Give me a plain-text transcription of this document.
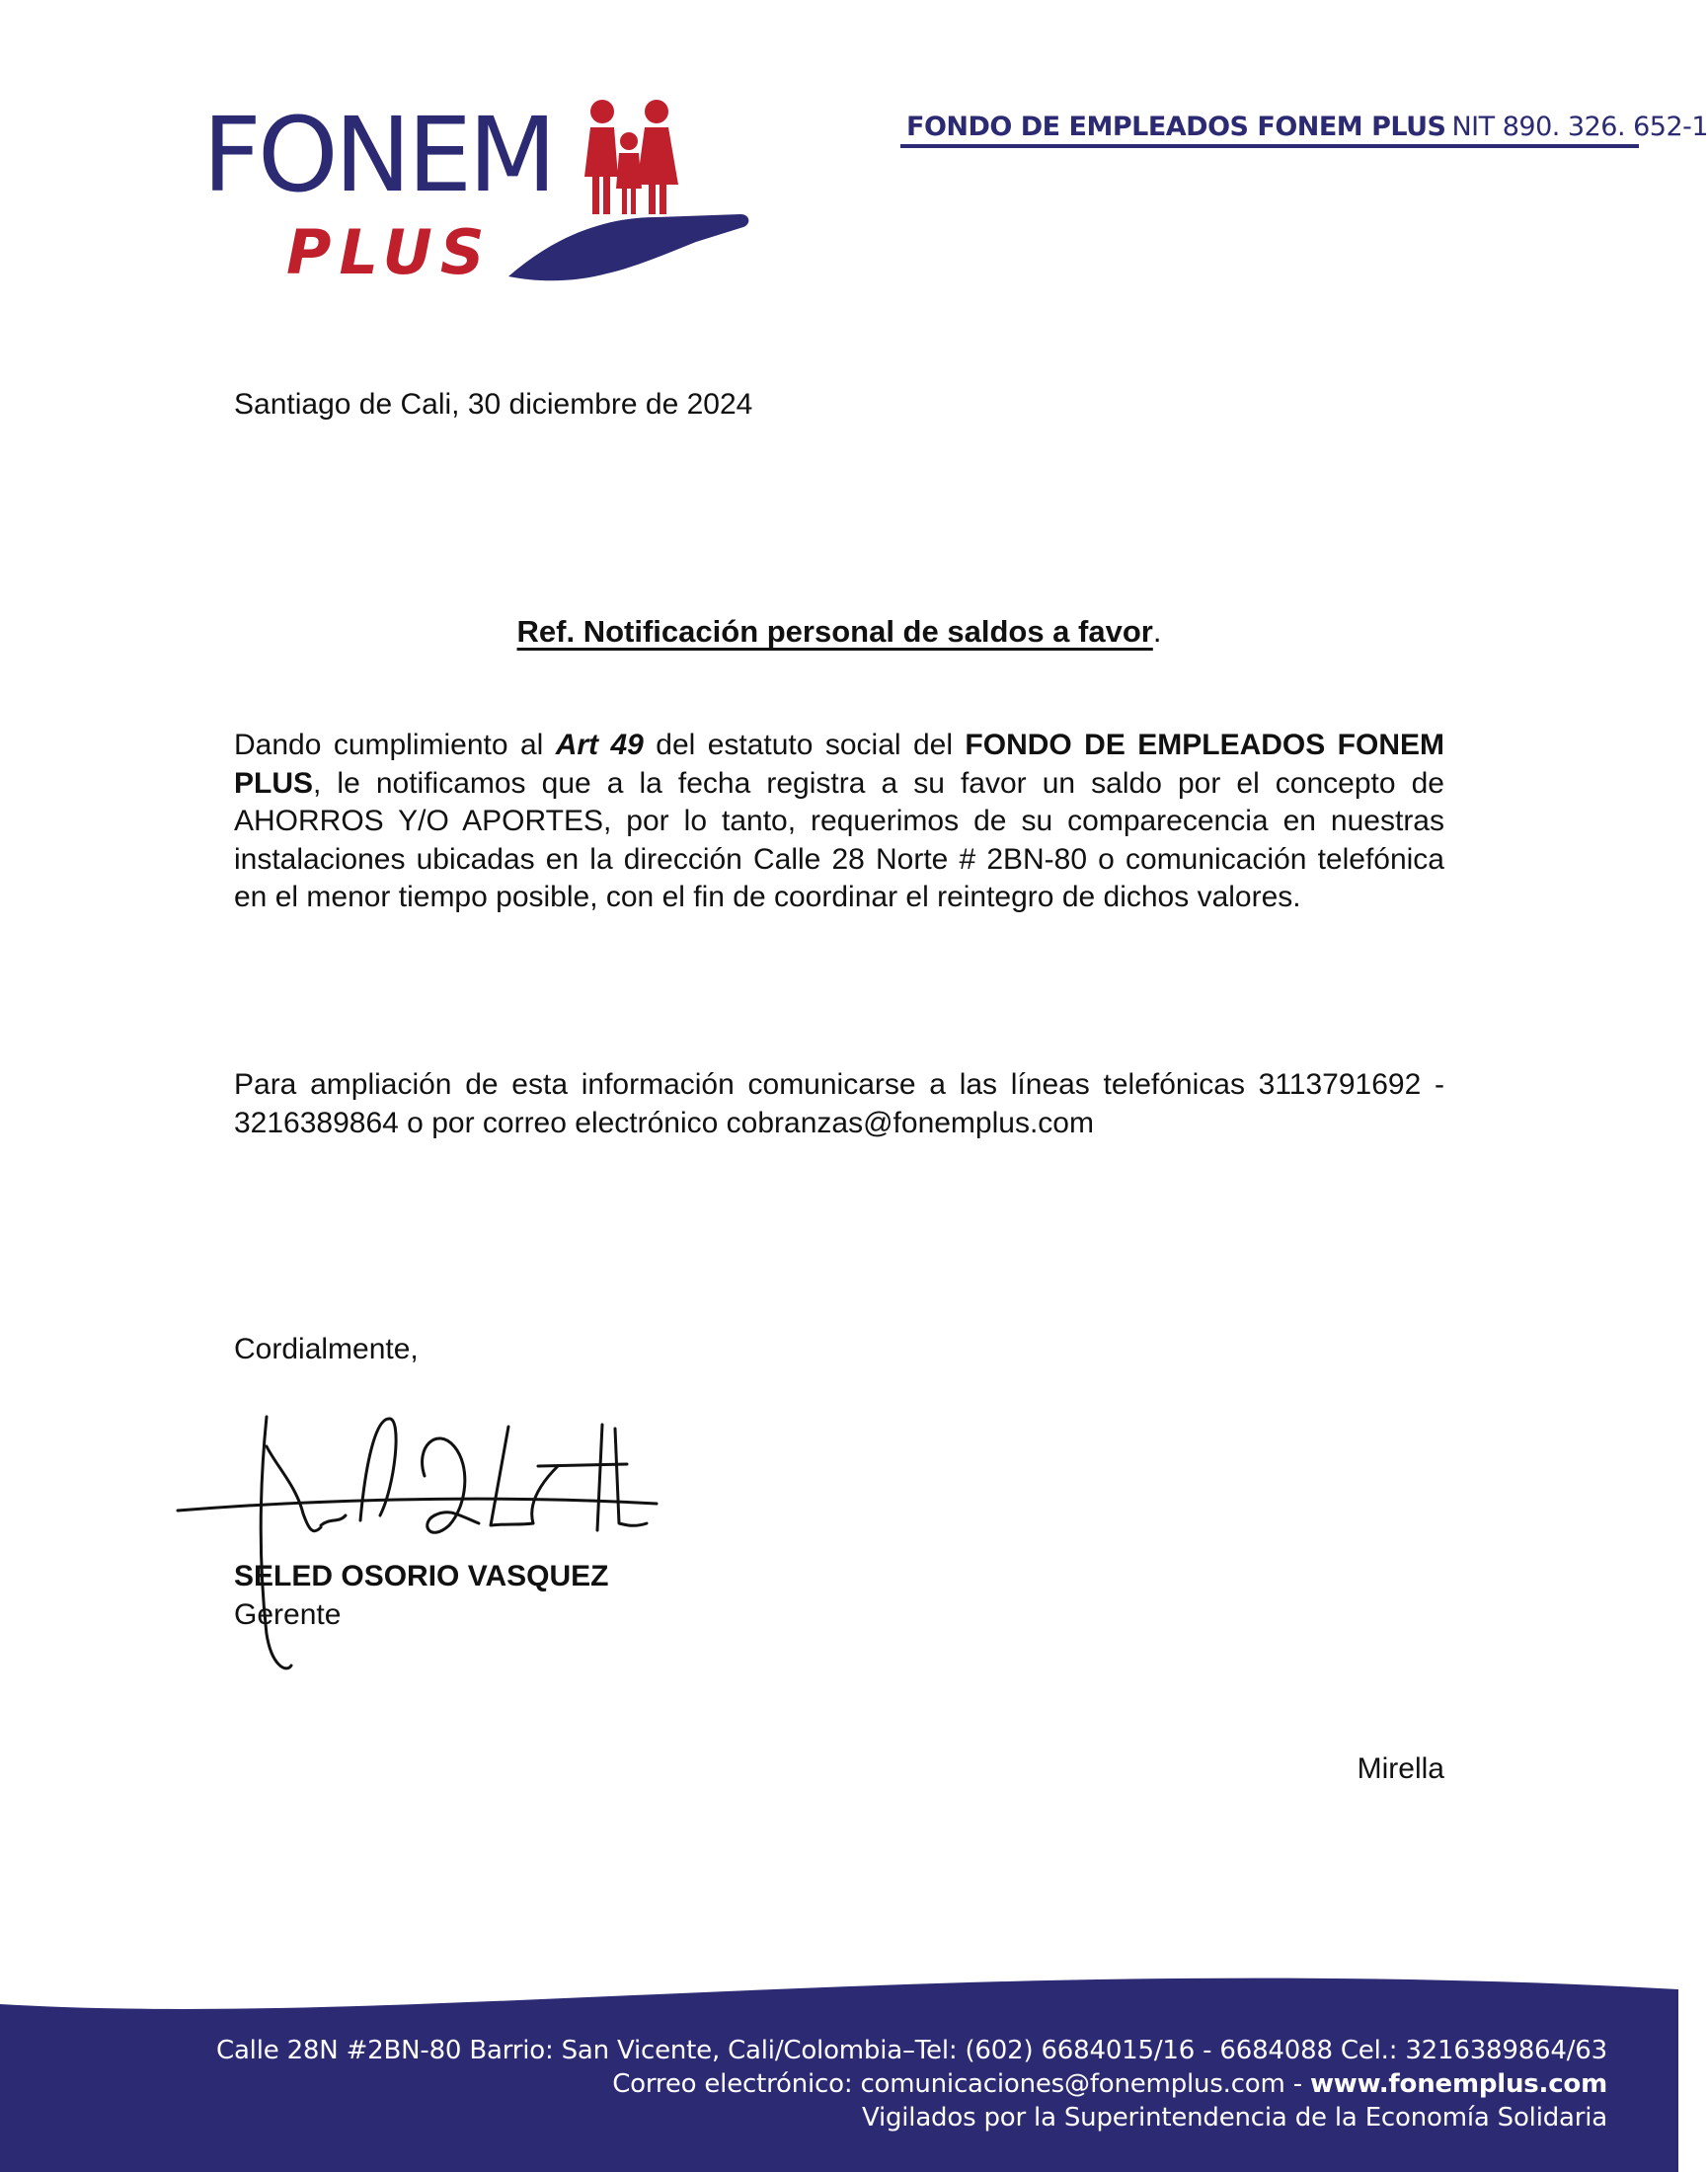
FONEM
PLUS
FONDO DE EMPLEADOS FONEM PLUS NIT 890. 326. 652-1
Santiago de Cali, 30 diciembre de 2024
Ref. Notificación personal de saldos a favor.
Dando cumplimiento al Art 49 del estatuto social del FONDO DE EMPLEADOS FONEM PLUS, le notificamos que a la fecha registra a su favor un saldo por el concepto de AHORROS Y/O APORTES, por lo tanto, requerimos de su comparecencia en nuestras instalaciones ubicadas en la dirección Calle 28 Norte # 2BN-80 o comunicación telefónica en el menor tiempo posible, con el fin de coordinar el reintegro de dichos valores.
Para ampliación de esta información comunicarse a las líneas telefónicas 3113791692 - 3216389864 o por correo electrónico cobranzas@fonemplus.com
Cordialmente,
SELED OSORIO VASQUEZ
Gerente
Mirella
Calle 28N #2BN-80 Barrio: San Vicente, Cali/Colombia–Tel: (602) 6684015/16 - 6684088 Cel.: 3216389864/63
Correo electrónico: comunicaciones@fonemplus.com - www.fonemplus.com
Vigilados por la Superintendencia de la Economía Solidaria
